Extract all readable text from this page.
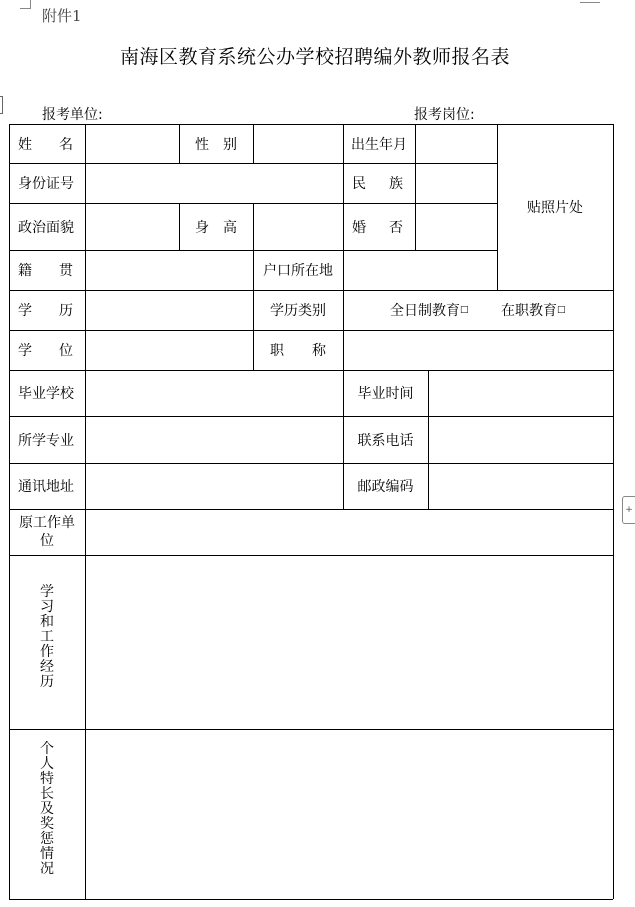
+
附件1
南海区教育系统公办学校招聘编外教师报名表
报考单位:	报考岗位:
姓 名	性 别	出生年月
贴照片处
身份证号	民 族
政治面貌	身 高	婚 否
籍 贯	户口所在地
学 历	学历类别	全日制教育 □ 在职教育 □
学 位	职 称
毕业学校	毕业时间
所学专业	联系电话
通讯地址	邮政编码
原工作单位
学习和工作经历
个人特长及奖惩情况
